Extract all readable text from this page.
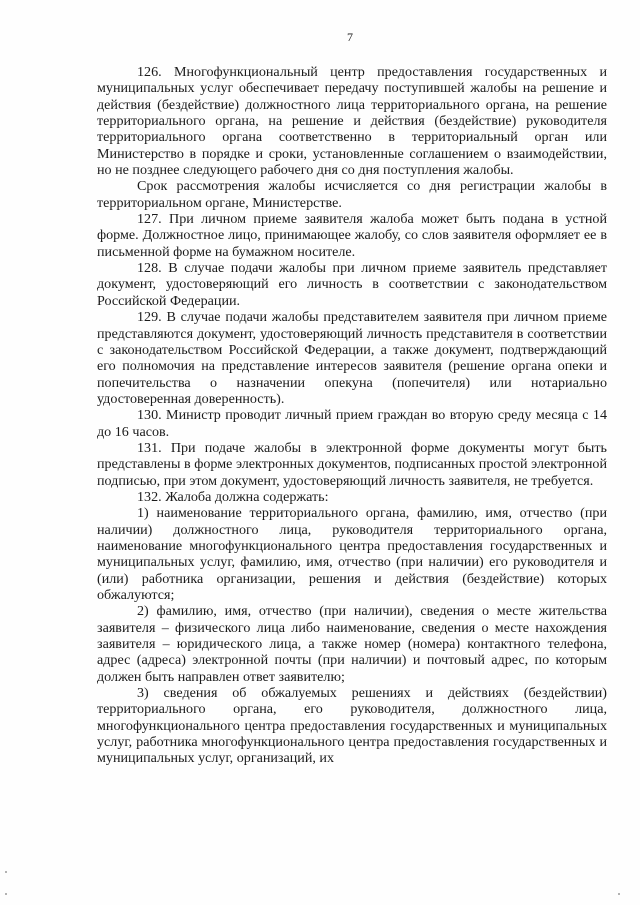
7

126. Многофункциональный центр предоставления государственных и муниципальных услуг обеспечивает передачу поступившей жалобы на решение и действия (бездействие) должностного лица территориального органа, на решение территориального органа, на решение и действия (бездействие) руководителя территориального органа соответственно в территориальный орган или Министерство в порядке и сроки, установленные соглашением о взаимодействии, но не позднее следующего рабочего дня со дня поступления жалобы.

Срок рассмотрения жалобы исчисляется со дня регистрации жалобы в территориальном органе, Министерстве.

127. При личном приеме заявителя жалоба может быть подана в устной форме. Должностное лицо, принимающее жалобу, со слов заявителя оформляет ее в письменной форме на бумажном носителе.

128. В случае подачи жалобы при личном приеме заявитель представляет документ, удостоверяющий его личность в соответствии с законодательством Российской Федерации.

129. В случае подачи жалобы представителем заявителя при личном приеме представляются документ, удостоверяющий личность представителя в соответствии с законодательством Российской Федерации, а также документ, подтверждающий его полномочия на представление интересов заявителя (решение органа опеки и попечительства о назначении опекуна (попечителя) или нотариально удостоверенная доверенность).

130. Министр проводит личный прием граждан во вторую среду месяца с 14 до 16 часов.

131. При подаче жалобы в электронной форме документы могут быть представлены в форме электронных документов, подписанных простой электронной подписью, при этом документ, удостоверяющий личность заявителя, не требуется.

132. Жалоба должна содержать:

1) наименование территориального органа, фамилию, имя, отчество (при наличии) должностного лица, руководителя территориального органа, наименование многофункционального центра предоставления государственных и муниципальных услуг, фамилию, имя, отчество (при наличии) его руководителя и (или) работника организации, решения и действия (бездействие) которых обжалуются;

2) фамилию, имя, отчество (при наличии), сведения о месте жительства заявителя – физического лица либо наименование, сведения о месте нахождения заявителя – юридического лица, а также номер (номера) контактного телефона, адрес (адреса) электронной почты (при наличии) и почтовый адрес, по которым должен быть направлен ответ заявителю;

3) сведения об обжалуемых решениях и действиях (бездействии) территориального органа, его руководителя, должностного лица, многофункционального центра предоставления государственных и муниципальных услуг, работника многофункционального центра предоставления государственных и муниципальных услуг, организаций, их
